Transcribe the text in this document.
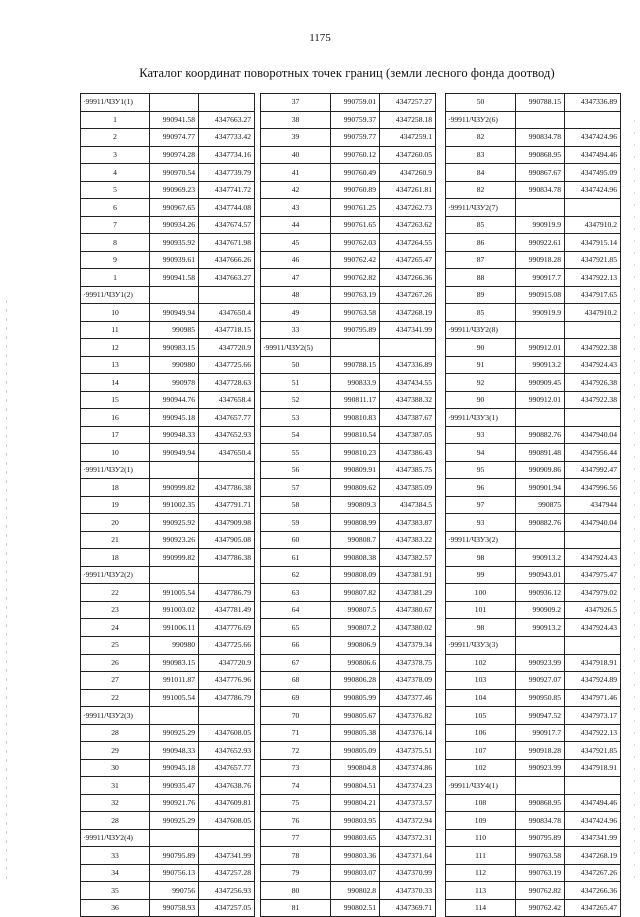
1175
Каталог координат поворотных точек границ (земли лесного фонда доотвод)
·99911/ЧЗУ1(1)		
1	990941.58	4347663.27
2	990974.77	4347733.42
3	990974.28	4347734.16
4	990970.54	4347739.79
5	990969.23	4347741.72
6	990967.65	4347744.08
7	990934.26	4347674.57
8	990935.92	4347671.98
9	990939.61	4347666.26
1	990941.58	4347663.27
·99911/ЧЗУ1(2)		
10	990949.94	4347650.4
11	990985	4347718.15
12	990983.15	4347720.9
13	990980	4347725.66
14	990978	4347728.63
15	990944.76	4347658.4
16	990945.18	4347657.77
17	990948.33	4347652.93
10	990949.94	4347650.4
·99911/ЧЗУ2(1)		
18	990999.82	4347786.38
19	991002.35	4347791.71
20	990925.92	4347909.98
21	990923.26	4347905.08
18	990999.82	4347786.38
·99911/ЧЗУ2(2)		
22	991005.54	4347786.79
23	991003.02	4347781.49
24	991006.11	4347776.69
25	990980	4347725.66
26	990983.15	4347720.9
27	991011.87	4347776.96
22	991005.54	4347786.79
·99911/ЧЗУ2(3)		
28	990925.29	4347608.05
29	990948.33	4347652.93
30	990945.18	4347657.77
31	990935.47	4347638.76
32	990921.76	4347609.81
28	990925.29	4347608.05
·99911/ЧЗУ2(4)		
33	990795.89	4347341.99
34	990756.13	4347257.28
35	990756	4347256.93
36	990758.93	4347257.05
37	990759.01	4347257.27
38	990759.37	4347258.18
39	990759.77	4347259.1
40	990760.12	4347260.05
41	990760.49	4347260.9
42	990760.89	4347261.81
43	990761.25	4347262.73
44	990761.65	4347263.62
45	990762.03	4347264.55
46	990762.42	4347265.47
47	990762.82	4347266.36
48	990763.19	4347267.26
49	990763.58	4347268.19
33	990795.89	4347341.99
·99911/ЧЗУ2(5)		
50	990788.15	4347336.89
51	990833.9	4347434.55
52	990811.17	4347388.32
53	990810.83	4347387.67
54	990810.54	4347387.05
55	990810.23	4347386.43
56	990809.91	4347385.75
57	990809.62	4347385.09
58	990809.3	4347384.5
59	990808.99	4347383.87
60	990808.7	4347383.22
61	990808.38	4347382.57
62	990808.09	4347381.91
63	990807.82	4347381.29
64	990807.5	4347380.67
65	990807.2	4347380.02
66	990806.9	4347379.34
67	990806.6	4347378.75
68	990806.28	4347378.09
69	990805.99	4347377.46
70	990805.67	4347376.82
71	990805.38	4347376.14
72	990805.09	4347375.51
73	990804.8	4347374.86
74	990804.51	4347374.23
75	990804.21	4347373.57
76	990803.95	4347372.94
77	990803.65	4347372.31
78	990803.36	4347371.64
79	990803.07	4347370.99
80	990802.8	4347370.33
81	990802.51	4347369.71
50	990788.15	4347336.89
·99911/ЧЗУ2(6)		
82	990834.78	4347424.96
83	990868.95	4347494.46
84	990867.67	4347495.09
82	990834.78	4347424.96
·99911/ЧЗУ2(7)		
85	990919.9	4347910.2
86	990922.61	4347915.14
87	990918.28	4347921.85
88	990917.7	4347922.13
89	990915.08	4347917.65
85	990919.9	4347910.2
·99911/ЧЗУ2(8)		
90	990912.01	4347922.38
91	990913.2	4347924.43
92	990909.45	4347926.38
90	990912.01	4347922.38
·99911/ЧЗУ3(1)		
93	990882.76	4347940.04
94	990891.48	4347956.44
95	990909.86	4347992.47
96	990901.94	4347996.56
97	990875	4347944
93	990882.76	4347940.04
·99911/ЧЗУ3(2)		
98	990913.2	4347924.43
99	990943.01	4347975.47
100	990936.12	4347979.02
101	990909.2	4347926.5
98	990913.2	4347924.43
·99911/ЧЗУ3(3)		
102	990923.99	4347918.91
103	990927.07	4347924.89
104	990950.85	4347971.46
105	990947.52	4347973.17
106	990917.7	4347922.13
107	990918.28	4347921.85
102	990923.99	4347918.91
·99911/ЧЗУ4(1)		
108	990868.95	4347494.46
109	990834.78	4347424.96
110	990795.89	4347341.99
111	990763.58	4347268.19
112	990763.19	4347267.26
113	990762.82	4347266.36
114	990762.42	4347265.47
